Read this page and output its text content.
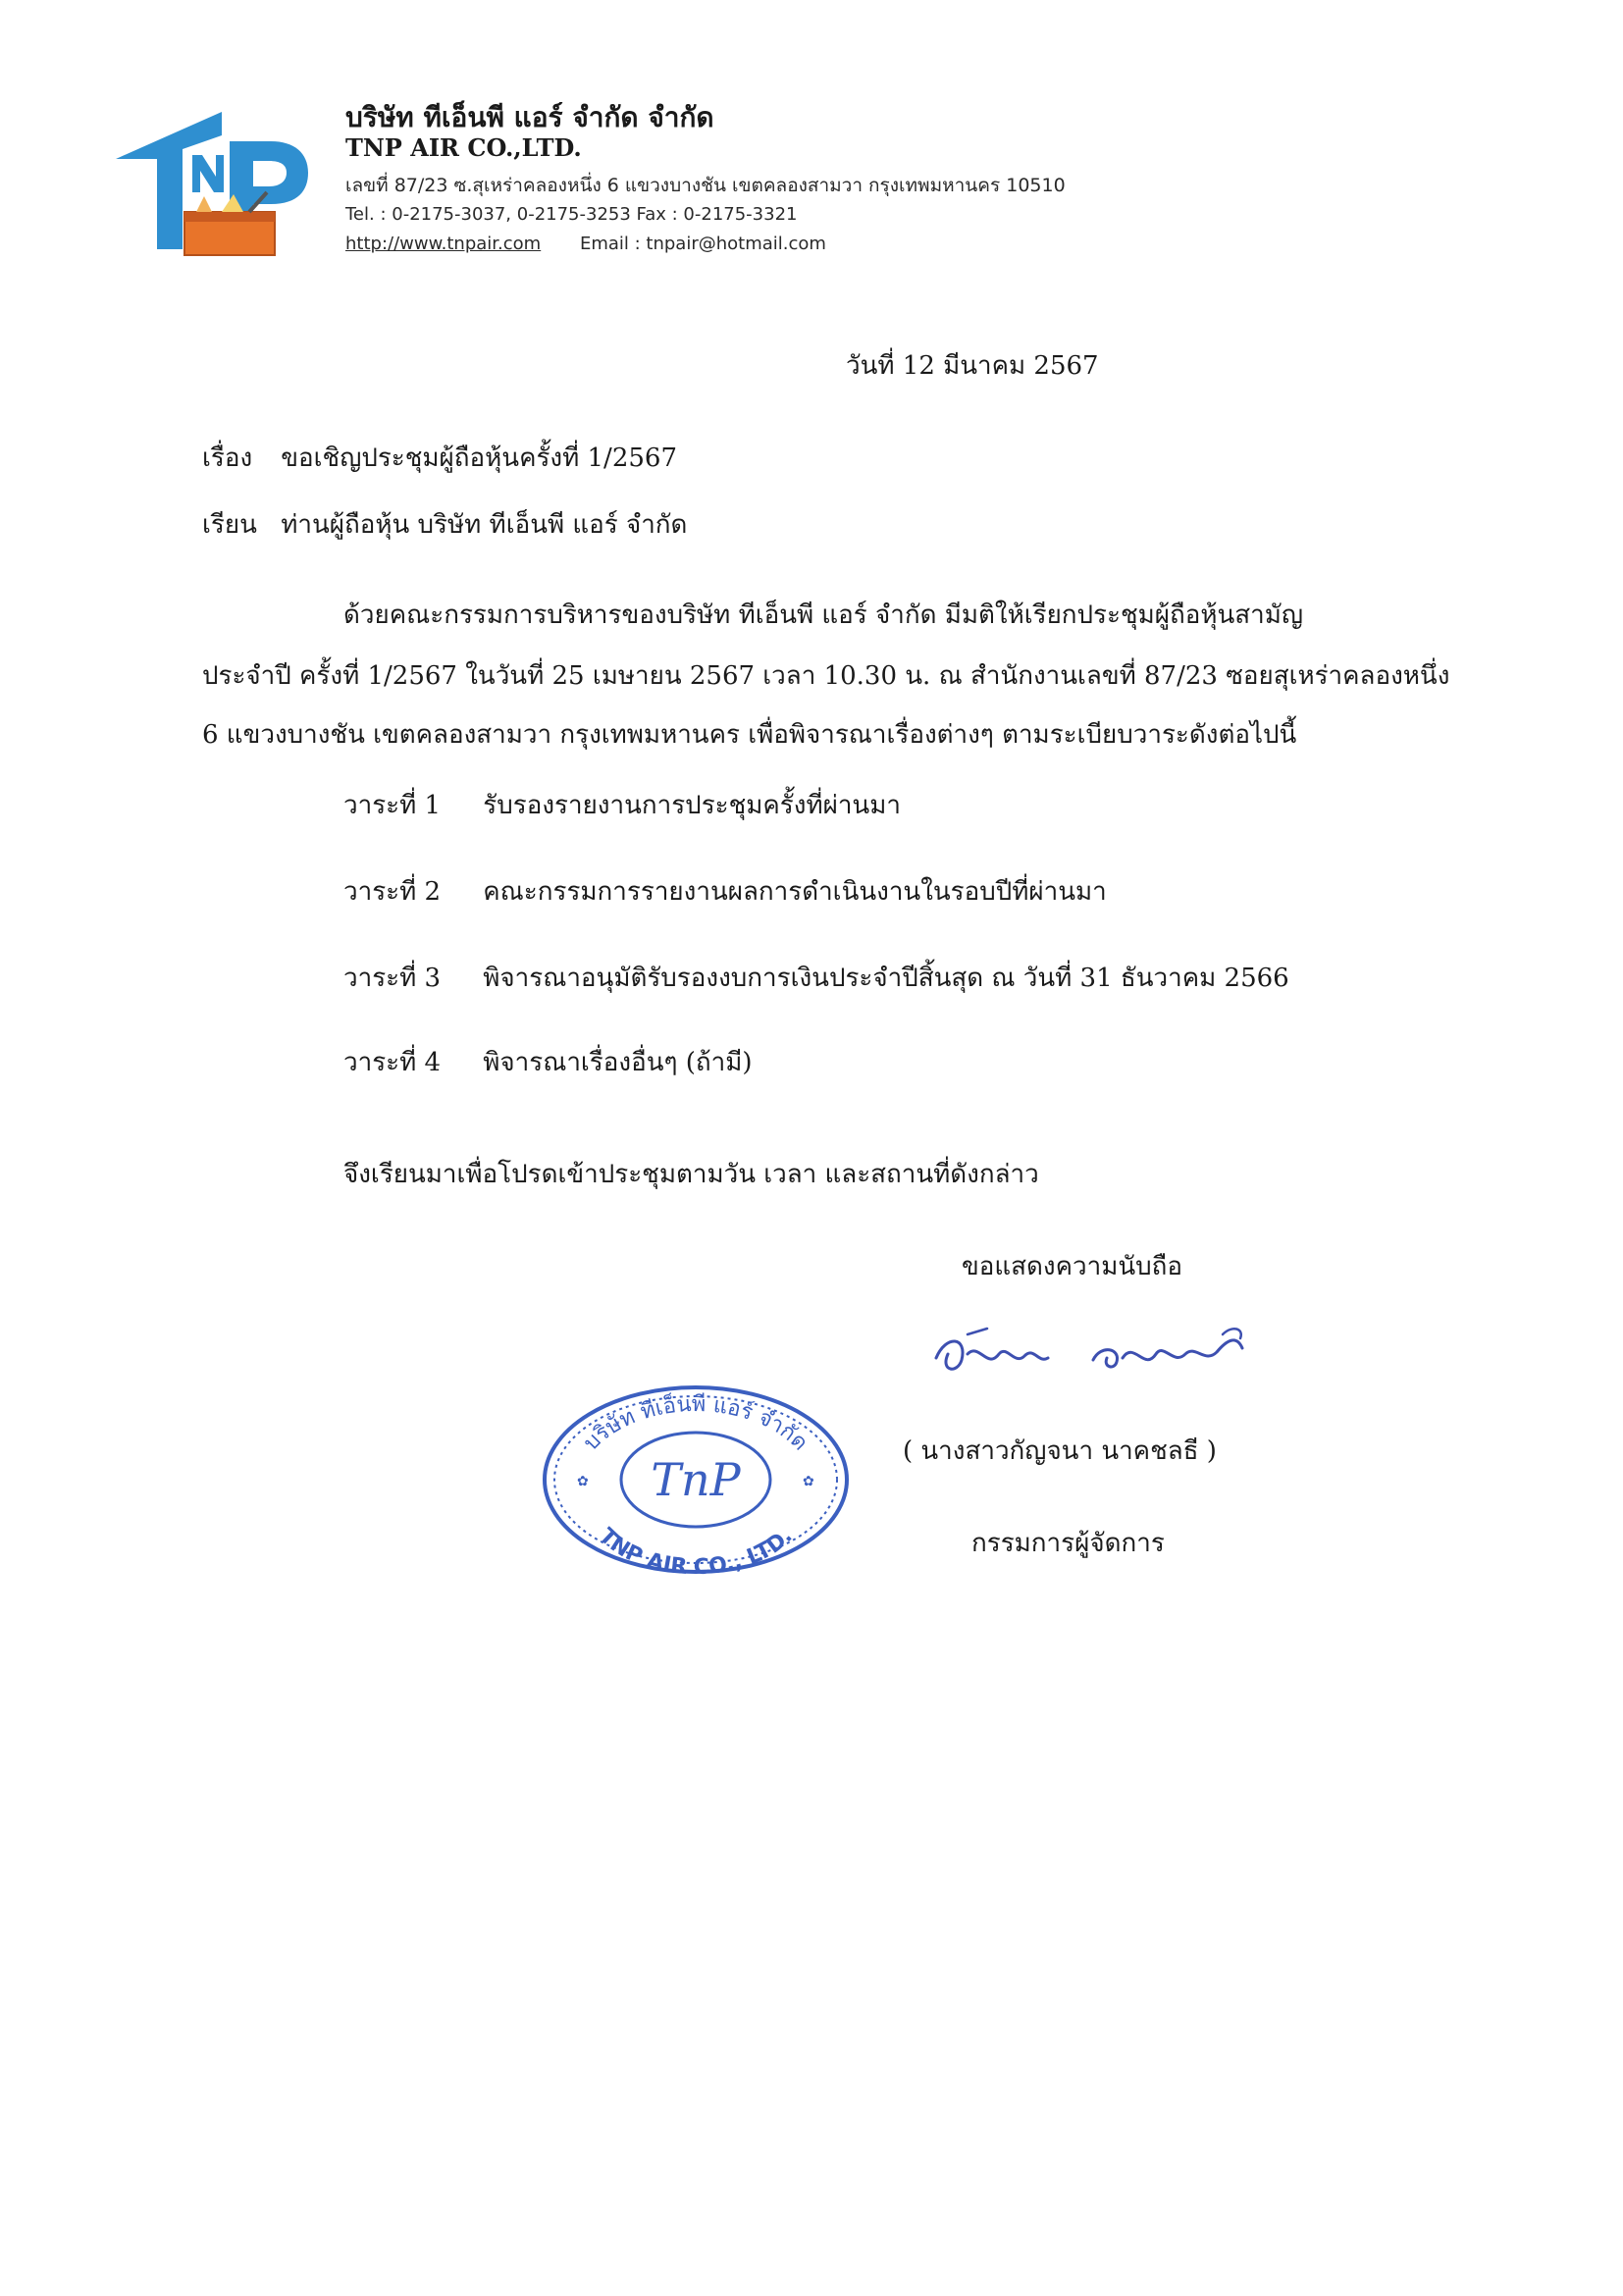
บริษัท ทีเอ็นพี แอร์ จำกัด จำกัด
TNP AIR CO.,LTD.
เลขที่ 87/23 ซ.สุเหร่าคลองหนึ่ง 6 แขวงบางชัน เขตคลองสามวา กรุงเทพมหานคร 10510
Tel. : 0-2175-3037, 0-2175-3253 Fax : 0-2175-3321
http://www.tnpair.com Email : tnpair@hotmail.com
วันที่ 12 มีนาคม 2567
เรื่อง ขอเชิญประชุมผู้ถือหุ้นครั้งที่ 1/2567
เรียน ท่านผู้ถือหุ้น บริษัท ทีเอ็นพี แอร์ จำกัด
ด้วยคณะกรรมการบริหารของบริษัท ทีเอ็นพี แอร์ จำกัด มีมติให้เรียกประชุมผู้ถือหุ้นสามัญ
ประจำปี ครั้งที่ 1/2567 ในวันที่ 25 เมษายน 2567 เวลา 10.30 น. ณ สำนักงานเลขที่ 87/23 ซอยสุเหร่าคลองหนึ่ง
6 แขวงบางชัน เขตคลองสามวา กรุงเทพมหานคร เพื่อพิจารณาเรื่องต่างๆ ตามระเบียบวาระดังต่อไปนี้
วาระที่ 1 รับรองรายงานการประชุมครั้งที่ผ่านมา
วาระที่ 2 คณะกรรมการรายงานผลการดำเนินงานในรอบปีที่ผ่านมา
วาระที่ 3 พิจารณาอนุมัติรับรองงบการเงินประจำปีสิ้นสุด ณ วันที่ 31 ธันวาคม 2566
วาระที่ 4 พิจารณาเรื่องอื่นๆ (ถ้ามี)
จึงเรียนมาเพื่อโปรดเข้าประชุมตามวัน เวลา และสถานที่ดังกล่าว
ขอแสดงความนับถือ
( นางสาวกัญจนา นาคชลธี )
กรรมการผู้จัดการ
บริษัท ทีเอ็นพี แอร์ จำกัด
TNP AIR CO., LTD.
TnP
✿	✿
